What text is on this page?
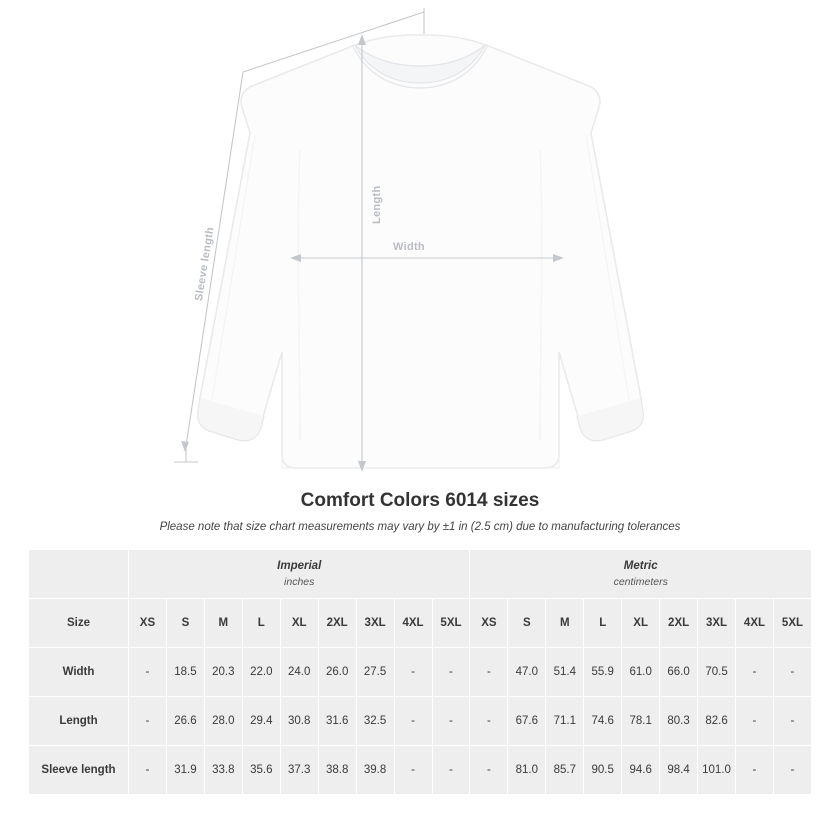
Length
Width
Sleeve length
Comfort Colors 6014 sizes
Please note that size chart measurements may vary by ±1 in (2.5 cm) due to manufacturing tolerances
	Imperial
inches									Metric
centimeters								

Size	XS	S	M	L	XL	2XL	3XL	4XL	5XL	XS	S	M	L	XL	2XL	3XL	4XL	5XL
Width	-	18.5	20.3	22.0	24.0	26.0	27.5	-	-	-	47.0	51.4	55.9	61.0	66.0	70.5	-	-
Length	-	26.6	28.0	29.4	30.8	31.6	32.5	-	-	-	67.6	71.1	74.6	78.1	80.3	82.6	-	-
Sleeve length	-	31.9	33.8	35.6	37.3	38.8	39.8	-	-	-	81.0	85.7	90.5	94.6	98.4	101.0	-	-
